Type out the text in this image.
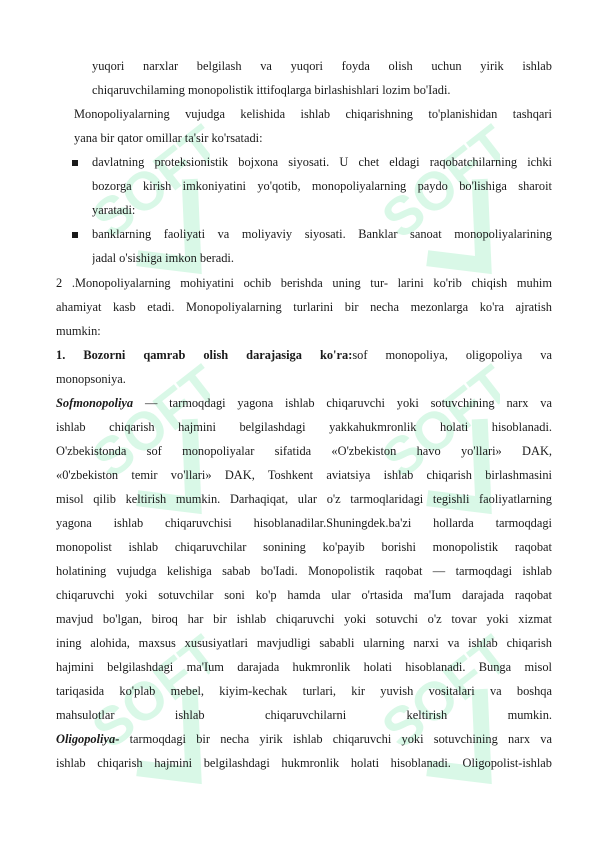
SOFT	SOFT
SOFT	SOFT
SOFT	SOFT
yuqori narxlar belgilash va yuqori foyda olish uchun yirik ishlab
chiqaruvchilaming monopolistik ittifoqlarga birlashishlari lozim bo'Iadi.
Monopoliyalarning vujudga kelishida ishlab chiqarishning to'planishidan tashqari
yana bir qator omillar ta'sir ko'rsatadi:
davlatning proteksionistik bojxona siyosati. U chet eldagi raqobatchilarning ichki
bozorga kirish imkoniyatini yo'qotib, monopoliyalarning paydo bo'lishiga sharoit
yaratadi:
banklarning faoliyati va moliyaviy siyosati. Banklar sanoat monopoliyalarining
jadal o'sishiga imkon beradi.
2 .Monopoliyalarning mohiyatini ochib berishda uning tur- larini ko'rib chiqish muhim
ahamiyat kasb etadi. Monopoliyalarning turlarini bir necha mezonlarga ko'ra ajratish
mumkin:
1. Bozorni qamrab olish darajasiga ko'ra:sof monopoliya, oligopoliya va
monopsoniya.
Sofmonopoliya — tarmoqdagi yagona ishlab chiqaruvchi yoki sotuvchining narx va
ishlab chiqarish hajmini belgilashdagi yakkahukmronlik holati hisoblanadi.
O'zbekistonda sof monopoliyalar sifatida «O'zbekiston havo yo'llari» DAK,
«0'zbekiston temir vo'llari» DAK, Toshkent aviatsiya ishlab chiqarish birlashmasini
misol qilib keltirish mumkin. Darhaqiqat, ular o'z tarmoqlaridagi tegishli faoliyatlarning
yagona ishlab chiqaruvchisi hisoblanadilar.Shuningdek.ba'zi hollarda tarmoqdagi
monopolist ishlab chiqaruvchilar sonining ko'payib borishi monopolistik raqobat
holatining vujudga kelishiga sabab bo'Iadi. Monopolistik raqobat — tarmoqdagi ishlab
chiqaruvchi yoki sotuvchilar soni ko'p hamda ular o'rtasida ma'Ium darajada raqobat
mavjud bo'lgan, biroq har bir ishlab chiqaruvchi yoki sotuvchi o'z tovar yoki xizmat
ining alohida, maxsus xususiyatlari mavjudligi sababli ularning narxi va ishlab chiqarish
hajmini belgilashdagi ma'Ium darajada hukmronlik holati hisoblanadi. Bunga misol
tariqasida ko'plab mebel, kiyim-kechak turlari, kir yuvish vositalari va boshqa
mahsulotlar ishlab chiqaruvchilarni keltirish mumkin.
Oligopoliya- tarmoqdagi bir necha yirik ishlab chiqaruvchi yoki sotuvchining narx va
ishlab chiqarish hajmini belgilashdagi hukmronlik holati hisoblanadi. Oligopolist-ishlab
